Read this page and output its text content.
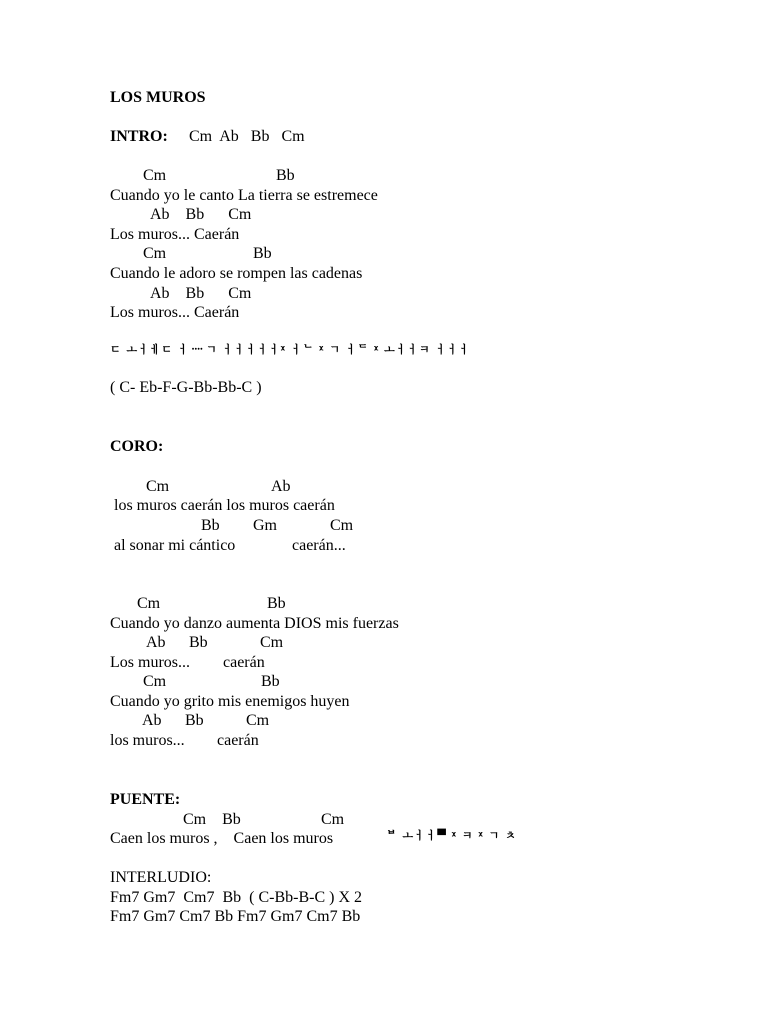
LOS MUROS
INTRO: Cm  Ab   Bb   Cm
Cm	Bb
Cuando yo le canto La tierra se estremece
Ab    Bb      Cm
Los muros... Caerán
Cm	Bb
Cuando le adoro se rompen las cadenas
Ab    Bb      Cm
Los muros... Caerán
ㄷ ㅗㅓㅔㄷ ㅓ᠁ ㄱ ㅓㅓㅓㅓㅓᵡ ㅓᄂ ᵡ ㄱ ㅓᄃ ᵡ ㅗㅓㅓㅋ ㅓㅓㅓ
( C- Eb-F-G-Bb-Bb-C )
CORO:
Cm	Ab
los muros caerán los muros caerán
Bb Gm	Cm
al sonar mi cántico	caerán...
Cm	Bb
Cuando yo danzo aumenta DIOS mis fuerzas
Ab Bb	Cm
Los muros... caerán
Cm	Bb
Cuando yo grito mis enemigos huyen
Ab Bb	Cm
los muros... caerán
PUENTE:
Cm    Bb	Cm
Caen los muros ,    Caen los muros	ᄇ ㅗㅓㅓ▀ ᵡ ㅋ ᵡ ㄱ ㅊ
INTERLUDIO:
Fm7 Gm7  Cm7  Bb  ( C-Bb-B-C ) X 2
Fm7 Gm7 Cm7 Bb Fm7 Gm7 Cm7 Bb
